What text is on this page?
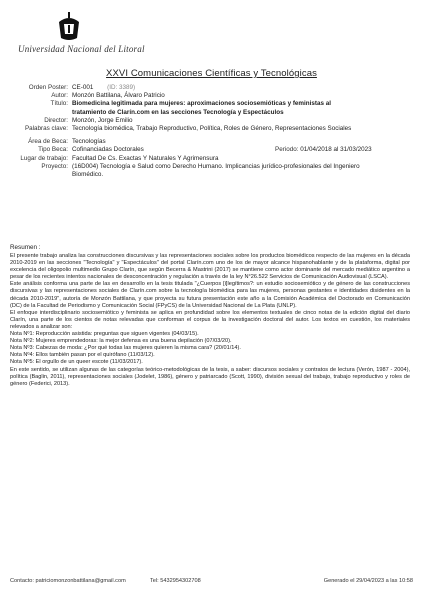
Universidad Nacional del Litoral
XXVI Comunicaciones Científicas y Tecnológicas
Orden Poster: CE-001 (ID: 3389)
Autor: Monzón Battilana, Álvaro Patricio
Título: Biomedicina legitimada para mujeres: aproximaciones sociosemióticas y feministas al
tratamiento de Clarín.com en las secciones Tecnología y Espectáculos
Director: Monzón, Jorge Emilio
Palabras clave: Tecnología biomédica, Trabajo Reproductivo, Política, Roles de Género, Representaciones Sociales
Área de Beca: Tecnologías
Tipo Beca: Cofinanciadas Doctorales	Periodo: 01/04/2018 al 31/03/2023
Lugar de trabajo: Facultad De Cs. Exactas Y Naturales Y Agrimensura
Proyecto: (16D004) Tecnología e Salud como Derecho Humano. Implicancias jurídico-profesionales del Ingeniero
Biomédico.
Resumen :

El presente trabajo analiza las construcciones discursivas y las representaciones sociales sobre los productos biomédicos respecto de las mujeres en la década 2010-2019 en las secciones "Tecnología" y "Espectáculos" del portal Clarín.com uno de los de mayor alcance hispanohablante y de la plataforma, digital por excelencia del oligopolio multimedio Grupo Clarín, que según Becerra & Mastrini (2017) se mantiene como actor dominante del mercado mediático argentino a pesar de los recientes intentos nacionales de desconcentración y regulación a través de la ley N°26.522 Servicios de Comunicación Audiovisual (LSCA).

Este análisis conforma una parte de las en desarrollo en la tesis titulada "¿Cuerpos [i]legítimos?: un estudio sociosemiótico y de género de las construcciones discursivas y las representaciones sociales de Clarín.com sobre la tecnología biomédica para las mujeres, personas gestantes e identidades disidentes en la década 2010-2019", autoría de Monzón Battilana, y que proyecta su futura presentación este año a la Comisión Académica del Doctorado en Comunicación (DC) de la Facultad de Periodismo y Comunicación Social (FPyCS) de la Universidad Nacional de La Plata (UNLP).

El enfoque interdisciplinario sociosemiótico y feminista se aplica en profundidad sobre los elementos textuales de cinco notas de la edición digital del diario Clarín, una parte de los cientos de notas relevadas que conforman el corpus de la investigación doctoral del autor. Los textos en cuestión, los materiales relevados a analizar son:

Nota Nº1: Reproducción asistida: preguntas que siguen vigentes (04/03/15).

Nota Nº2: Mujeres emprendedoras: la mejor defensa es una buena depilación (07/03/20).

Nota Nº3: Cabezas de moda: ¿Por qué todas las mujeres quieren la misma cara? (20/01/14).

Nota Nº4: Ellos también pasan por el quirófano (11/03/12).

Nota Nº5: El orgullo de un queer escote (11/03/2017).

En este sentido, se utilizan algunas de las categorías teórico-metodológicas de la tesis, a saber: discursos sociales y contratos de lectura (Verón, 1987 - 2004), política (Baglin, 2011), representaciones sociales (Jodelet, 1986), género y patriarcado (Scott, 1990), división sexual del trabajo, trabajo reproductivo y roles de género (Federici, 2013).

Contacto: patriciomonzonbattilana@gmail.com	Tel: 5432954302708	Generado el 29/04/2023 a las 10:58
